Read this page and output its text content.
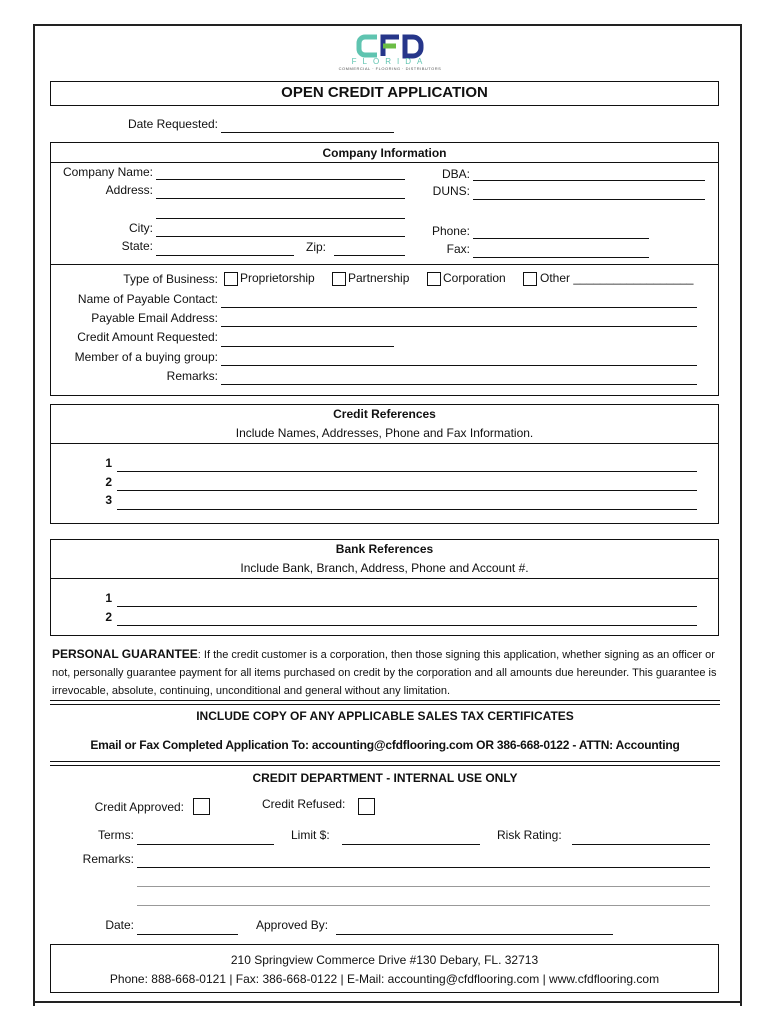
FLORIDA
COMMERCIAL · FLOORING · DISTRIBUTORS
OPEN CREDIT APPLICATION
Date Requested:
Company Information
Company Name:
Address:
City:
State:	Zip:
DBA:
DUNS:
Phone:
Fax:
Type of Business: Proprietorship	Partnership	Corporation	Other __________________
Name of Payable Contact:
Payable Email Address:
Credit Amount Requested:
Member of a buying group:
Remarks:
Credit References
Include Names, Addresses, Phone and Fax Information.
1
2
3
Bank References
Include Bank, Branch, Address, Phone and Account #.
1
2
PERSONAL GUARANTEE: If the credit customer is a corporation, then those signing this application, whether signing as an officer or not, personally guarantee payment for all items purchased on credit by the corporation and all amounts due hereunder. This guarantee is irrevocable, absolute, continuing, unconditional and general without any limitation.
INCLUDE COPY OF ANY APPLICABLE SALES TAX CERTIFICATES
Email or Fax Completed Application To: accounting@cfdflooring.com OR 386-668-0122 - ATTN: Accounting
CREDIT DEPARTMENT - INTERNAL USE ONLY
Credit Approved:	Credit Refused:
Terms:	Limit $:	Risk Rating:
Remarks:
Date:	Approved By:
210 Springview Commerce Drive #130 Debary, FL. 32713
Phone: 888-668-0121 | Fax: 386-668-0122 | E-Mail: accounting@cfdflooring.com | www.cfdflooring.com
